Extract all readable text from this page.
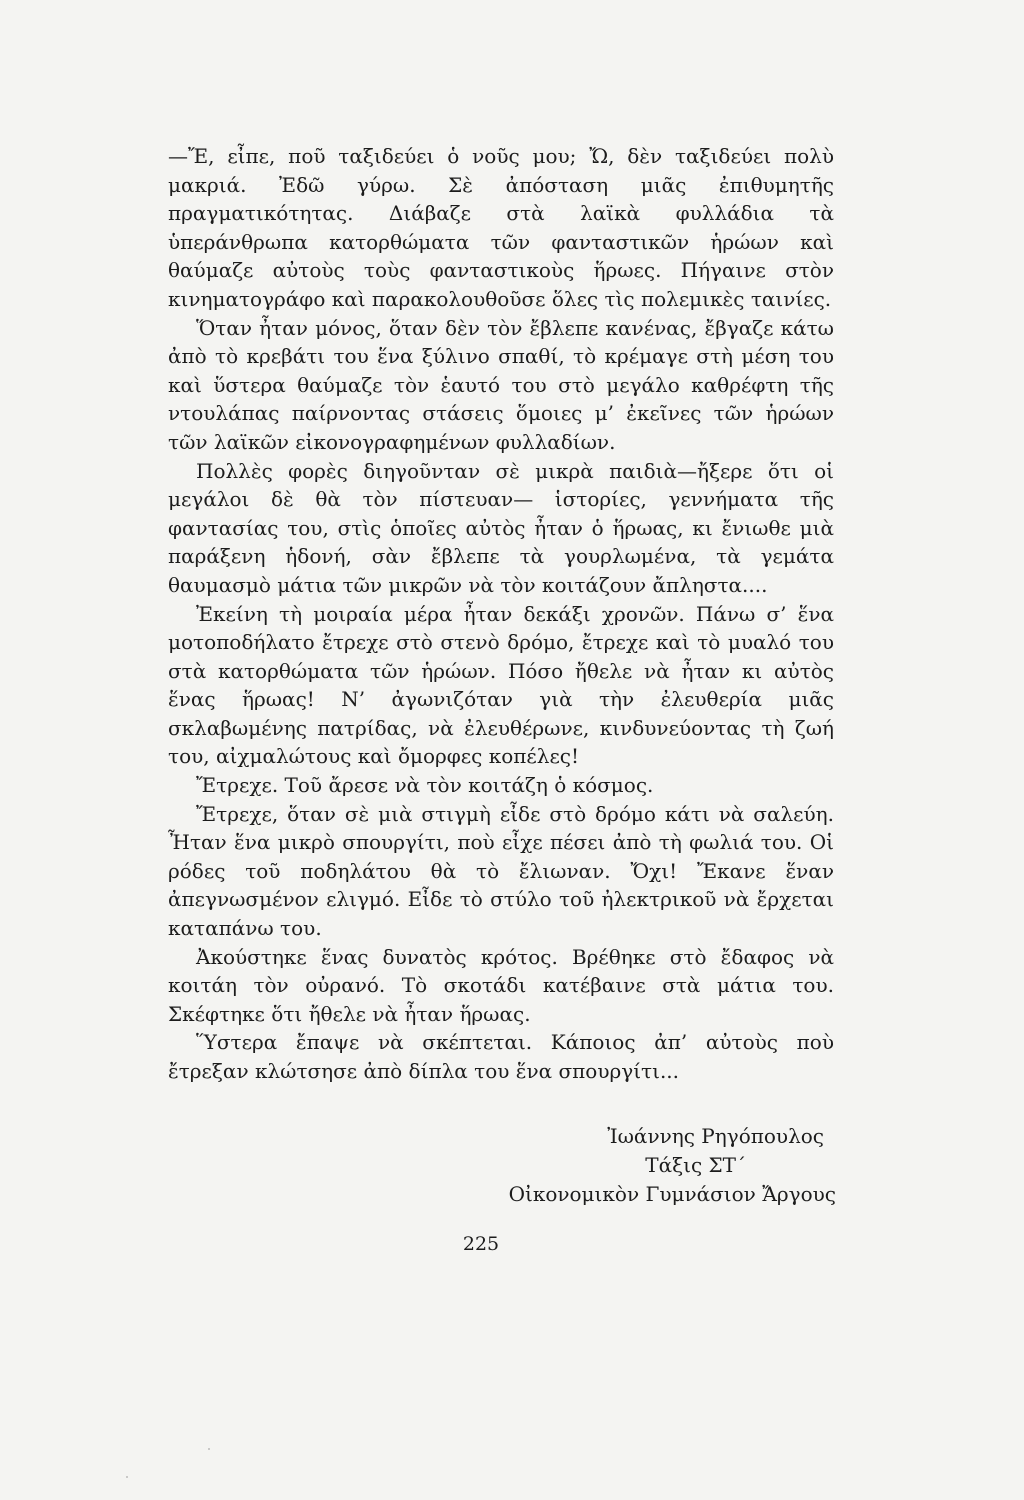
—Ἔ, εἶπε, ποῦ ταξιδεύει ὁ νοῦς μου; Ὤ, δὲν ταξιδεύει πολὺ μακριά. Ἐδῶ γύρω. Σὲ ἀπόσταση μιᾶς ἐπιθυμητῆς πραγματικότητας. Διάβαζε στὰ λαϊκὰ φυλλάδια τὰ ὑπεράνθρωπα κατορθώματα τῶν φανταστικῶν ἡρώων καὶ θαύμαζε αὐτοὺς τοὺς φανταστικοὺς ἥρωες. Πήγαινε στὸν κινηματογράφο καὶ παρακολουθοῦσε ὅλες τὶς πολεμικὲς ταινίες.

Ὅταν ἦταν μόνος, ὅταν δὲν τὸν ἔβλεπε κανένας, ἔβγαζε κάτω ἀπὸ τὸ κρεβάτι του ἕνα ξύλινο σπαθί, τὸ κρέμαγε στὴ μέση του καὶ ὕστερα θαύμαζε τὸν ἑαυτό του στὸ μεγάλο καθρέφτη τῆς ντουλάπας παίρνοντας στάσεις ὅμοιες μ’ ἐκεῖνες τῶν ἡρώων τῶν λαϊκῶν εἰκονογραφημένων φυλλαδίων.

Πολλὲς φορὲς διηγοῦνταν σὲ μικρὰ παιδιὰ—ἤξερε ὅτι οἱ μεγάλοι δὲ θὰ τὸν πίστευαν— ἱστορίες, γεννήματα τῆς φαντασίας του, στὶς ὁποῖες αὐτὸς ἦταν ὁ ἥρωας, κι ἔνιωθε μιὰ παράξενη ἡδονή, σὰν ἔβλεπε τὰ γουρλωμένα, τὰ γεμάτα θαυμασμὸ μάτια τῶν μικρῶν νὰ τὸν κοιτάζουν ἄπληστα....

Ἐκείνη τὴ μοιραία μέρα ἦταν δεκάξι χρονῶν. Πάνω σ’ ἕνα μοτοποδήλατο ἔτρεχε στὸ στενὸ δρόμο, ἔτρεχε καὶ τὸ μυαλό του στὰ κατορθώματα τῶν ἡρώων. Πόσο ἤθελε νὰ ἦταν κι αὐτὸς ἕνας ἥρωας! Ν’ ἀγωνιζόταν γιὰ τὴν ἐλευθερία μιᾶς σκλαβωμένης πατρίδας, νὰ ἐλευθέρωνε, κινδυνεύοντας τὴ ζωή του, αἰχμαλώτους καὶ ὄμορφες κοπέλες!

Ἔτρεχε. Τοῦ ἄρεσε νὰ τὸν κοιτάζη ὁ κόσμος.

Ἔτρεχε, ὅταν σὲ μιὰ στιγμὴ εἶδε στὸ δρόμο κάτι νὰ σαλεύη. Ἦταν ἕνα μικρὸ σπουργίτι, ποὺ εἶχε πέσει ἀπὸ τὴ φωλιά του. Οἱ ρόδες τοῦ ποδηλάτου θὰ τὸ ἔλιωναν. Ὄχι! Ἔκανε ἕναν ἀπεγνωσμένον ελιγμό. Εἶδε τὸ στύλο τοῦ ἠλεκτρικοῦ νὰ ἔρχεται καταπάνω του.

Ἀκούστηκε ἕνας δυνατὸς κρότος. Βρέθηκε στὸ ἔδαφος νὰ κοιτάη τὸν οὐρανό. Τὸ σκοτάδι κατέβαινε στὰ μάτια του. Σκέφτηκε ὅτι ἤθελε νὰ ἦταν ἥρωας.

Ὕστερα ἔπαψε νὰ σκέπτεται. Κάποιος ἀπ’ αὐτοὺς ποὺ ἔτρεξαν κλώτσησε ἀπὸ δίπλα του ἕνα σπουργίτι...

Ἰωάννης Ρηγόπουλος
Τάξις ΣΤ΄
Οἰκονομικὸν Γυμνάσιον Ἄργους
225
